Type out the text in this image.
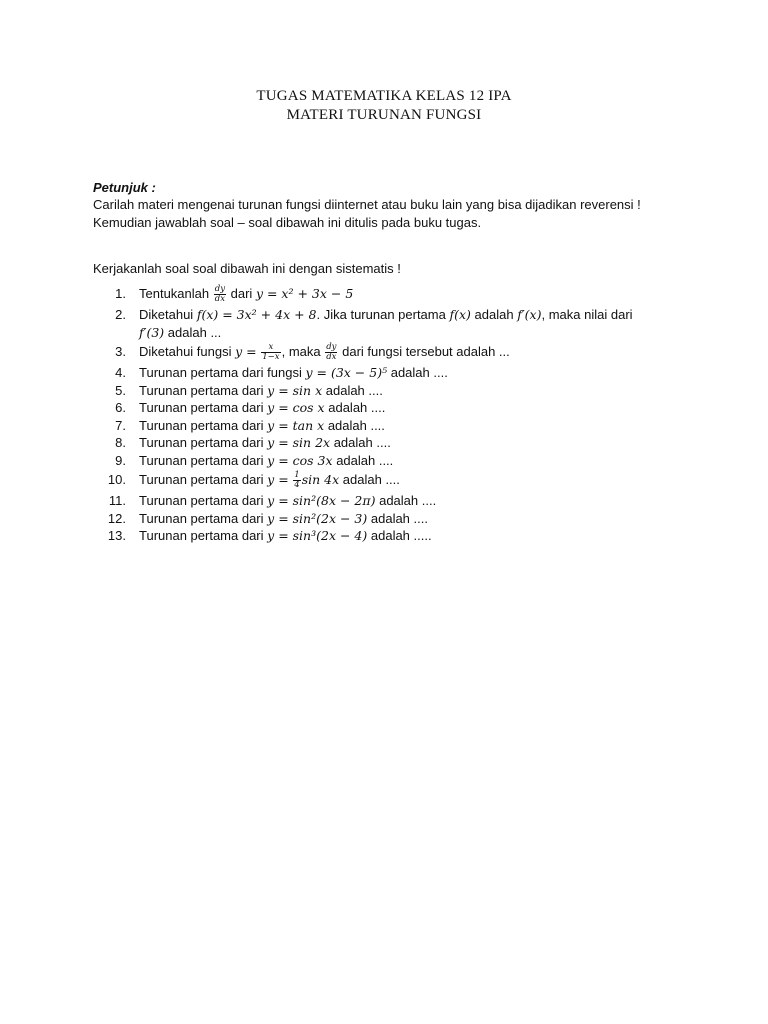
TUGAS MATEMATIKA KELAS 12 IPA
MATERI TURUNAN FUNGSI
Petunjuk :
Carilah materi mengenai turunan fungsi diinternet atau buku lain yang bisa dijadikan reverensi !
Kemudian jawablah soal – soal dibawah ini ditulis pada buku tugas.
Kerjakanlah soal soal dibawah ini dengan sistematis !
1. Tentukanlah $\frac{dy}{dx}$ dari y = x² + 3x − 5
2. Diketahui f(x) = 3x² + 4x + 8. Jika turunan pertama f(x) adalah f′(x), maka nilai dari
f′(3) adalah ...
3. Diketahui fungsi $y = \frac{x}{1-x}$ , maka $\frac{dy}{dx}$ dari fungsi tersebut adalah ...
4. Turunan pertama dari fungsi y = (3x − 5)⁵ adalah ....
5. Turunan pertama dari y = sin x adalah ....
6. Turunan pertama dari y = cos x adalah ....
7. Turunan pertama dari y = tan x adalah ....
8. Turunan pertama dari y = sin 2x adalah ....
9. Turunan pertama dari y = cos 3x adalah ....
10. Turunan pertama dari $y = \frac{1}{4}$ sin 4x adalah ....
11. Turunan pertama dari y = sin²(8x − 2π) adalah ....
12. Turunan pertama dari y = sin²(2x − 3) adalah ....
13. Turunan pertama dari y = sin³(2x − 4) adalah .....
